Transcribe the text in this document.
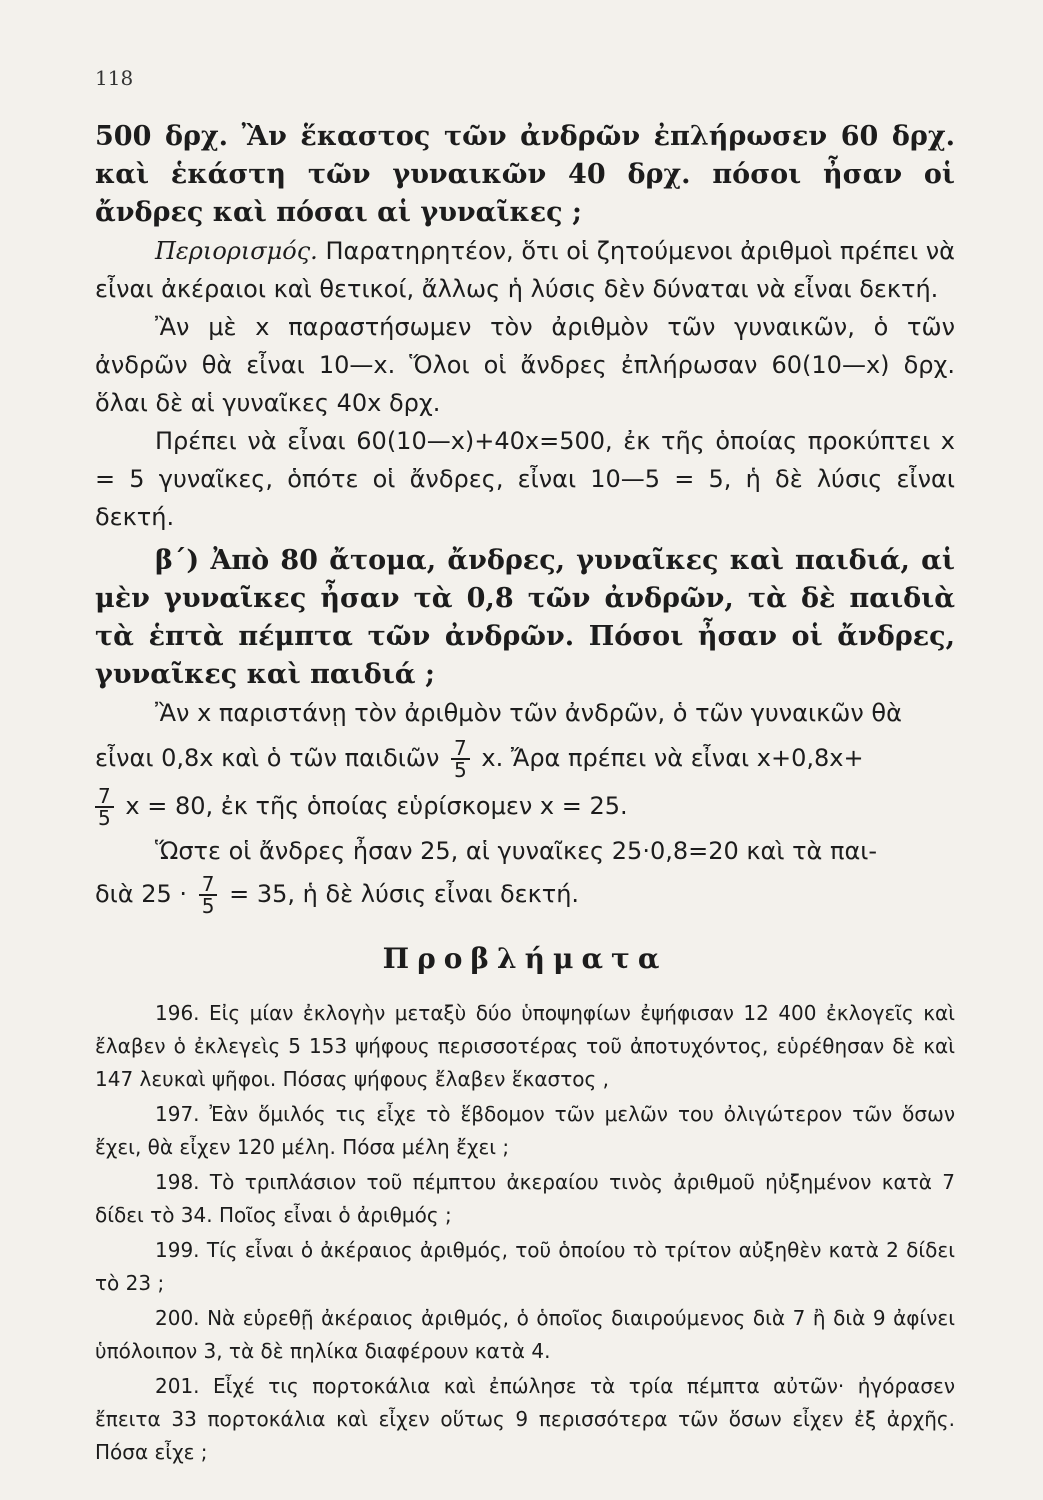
118

500 δρχ. Ἂν ἕκαστος τῶν ἀνδρῶν ἐπλήρωσεν 60 δρχ. καὶ ἑκάστη τῶν γυναικῶν 40 δρχ. πόσοι ἦσαν οἱ ἄνδρες καὶ πόσαι αἱ γυναῖκες ;

Περιορισμός. Παρατηρητέον, ὅτι οἱ ζητούμενοι ἀριθμοὶ πρέπει νὰ εἶναι ἀκέραιοι καὶ θετικοί, ἄλλως ἡ λύσις δὲν δύναται νὰ εἶναι δεκτή.

Ἂν μὲ x παραστήσωμεν τὸν ἀριθμὸν τῶν γυναικῶν, ὁ τῶν ἀνδρῶν θὰ εἶναι 10—x. Ὅλοι οἱ ἄνδρες ἐπλήρωσαν 60(10—x) δρχ. ὅλαι δὲ αἱ γυναῖκες 40x δρχ.

Πρέπει νὰ εἶναι 60(10—x)+40x=500, ἐκ τῆς ὁποίας προκύπτει x = 5 γυναῖκες, ὁπότε οἱ ἄνδρες, εἶναι 10—5 = 5, ἡ δὲ λύσις εἶναι δεκτή.

β΄) Ἀπὸ 80 ἄτομα, ἄνδρες, γυναῖκες καὶ παιδιά, αἱ μὲν γυναῖκες ἦσαν τὰ 0,8 τῶν ἀνδρῶν, τὰ δὲ παιδιὰ τὰ ἑπτὰ πέμπτα τῶν ἀνδρῶν. Πόσοι ἦσαν οἱ ἄνδρες, γυναῖκες καὶ παιδιά ;

Ἂν x παριστάνῃ τὸν ἀριθμὸν τῶν ἀνδρῶν, ὁ τῶν γυναικῶν θὰ

εἶναι 0,8x καὶ ὁ τῶν παιδιῶν $\frac{7}{5} x$. Ἄρα πρέπει νὰ εἶναι x+0,8x+

$\frac{7}{5}$ x = 80, ἐκ τῆς ὁποίας εὑρίσκομεν x = 25.

Ὥστε οἱ ἄνδρες ἦσαν 25, αἱ γυναῖκες 25·0,8=20 καὶ τὰ παι-

διὰ $25 \cdot \frac{7}{5} = 35$, ἡ δὲ λύσις εἶναι δεκτή.

Προβλήματα

196. Εἰς μίαν ἐκλογὴν μεταξὺ δύο ὑποψηφίων ἐψήφισαν 12 400 ἐκλογεῖς καὶ ἔλαβεν ὁ ἐκλεγεὶς 5 153 ψήφους περισσοτέρας τοῦ ἀποτυχόντος, εὑρέθησαν δὲ καὶ 147 λευκαὶ ψῆφοι. Πόσας ψήφους ἔλαβεν ἕκαστος ,

197. Ἐὰν ὅμιλός τις εἶχε τὸ ἕβδομον τῶν μελῶν του ὀλιγώτερον τῶν ὅσων ἔχει, θὰ εἶχεν 120 μέλη. Πόσα μέλη ἔχει ;

198. Τὸ τριπλάσιον τοῦ πέμπτου ἀκεραίου τινὸς ἀριθμοῦ ηὐξημένον κατὰ 7 δίδει τὸ 34. Ποῖος εἶναι ὁ ἀριθμός ;

199. Τίς εἶναι ὁ ἀκέραιος ἀριθμός, τοῦ ὁποίου τὸ τρίτον αὐξηθὲν κατὰ 2 δίδει τὸ 23 ;

200. Νὰ εὑρεθῇ ἀκέραιος ἀριθμός, ὁ ὁποῖος διαιρούμενος διὰ 7 ἢ διὰ 9 ἀφίνει ὑπόλοιπον 3, τὰ δὲ πηλίκα διαφέρουν κατὰ 4.

201. Εἶχέ τις πορτοκάλια καὶ ἐπώλησε τὰ τρία πέμπτα αὐτῶν· ἠγόρασεν ἔπειτα 33 πορτοκάλια καὶ εἶχεν οὕτως 9 περισσότερα τῶν ὅσων εἶχεν ἐξ ἀρχῆς. Πόσα εἶχε ;
